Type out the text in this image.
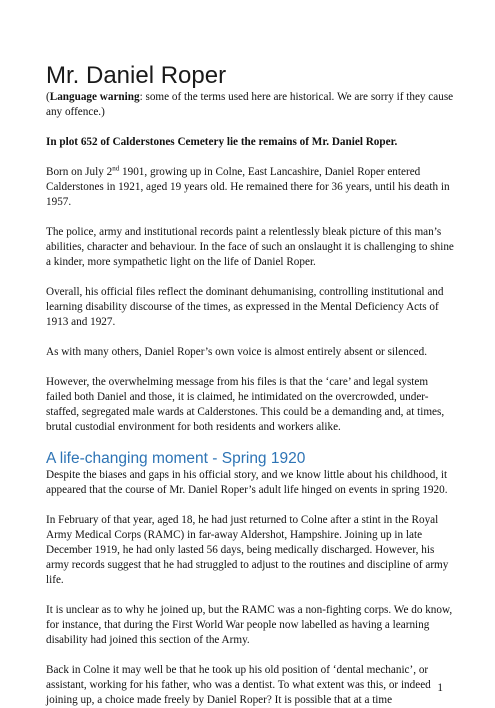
Mr. Daniel Roper

(Language warning: some of the terms used here are historical. We are sorry if they cause any offence.)

In plot 652 of Calderstones Cemetery lie the remains of Mr. Daniel Roper.

Born on July 2nd 1901, growing up in Colne, East Lancashire, Daniel Roper entered Calderstones in 1921, aged 19 years old. He remained there for 36 years, until his death in 1957.

The police, army and institutional records paint a relentlessly bleak picture of this man’s abilities, character and behaviour. In the face of such an onslaught it is challenging to shine a kinder, more sympathetic light on the life of Daniel Roper.

Overall, his official files reflect the dominant dehumanising, controlling institutional and learning disability discourse of the times, as expressed in the Mental Deficiency Acts of 1913 and 1927.

As with many others, Daniel Roper’s own voice is almost entirely absent or silenced.

However, the overwhelming message from his files is that the ‘care’ and legal system failed both Daniel and those, it is claimed, he intimidated on the overcrowded, under-staffed, segregated male wards at Calderstones. This could be a demanding and, at times, brutal custodial environment for both residents and workers alike.

A life-changing moment - Spring 1920

Despite the biases and gaps in his official story, and we know little about his childhood, it appeared that the course of Mr. Daniel Roper’s adult life hinged on events in spring 1920.

In February of that year, aged 18, he had just returned to Colne after a stint in the Royal Army Medical Corps (RAMC) in far-away Aldershot, Hampshire. Joining up in late December 1919, he had only lasted 56 days, being medically discharged. However, his army records suggest that he had struggled to adjust to the routines and discipline of army life.

It is unclear as to why he joined up, but the RAMC was a non-fighting corps. We do know, for instance, that during the First World War people now labelled as having a learning disability had joined this section of the Army.

Back in Colne it may well be that he took up his old position of ‘dental mechanic’, or assistant, working for his father, who was a dentist. To what extent was this, or indeed joining up, a choice made freely by Daniel Roper? It is possible that at a time

1
